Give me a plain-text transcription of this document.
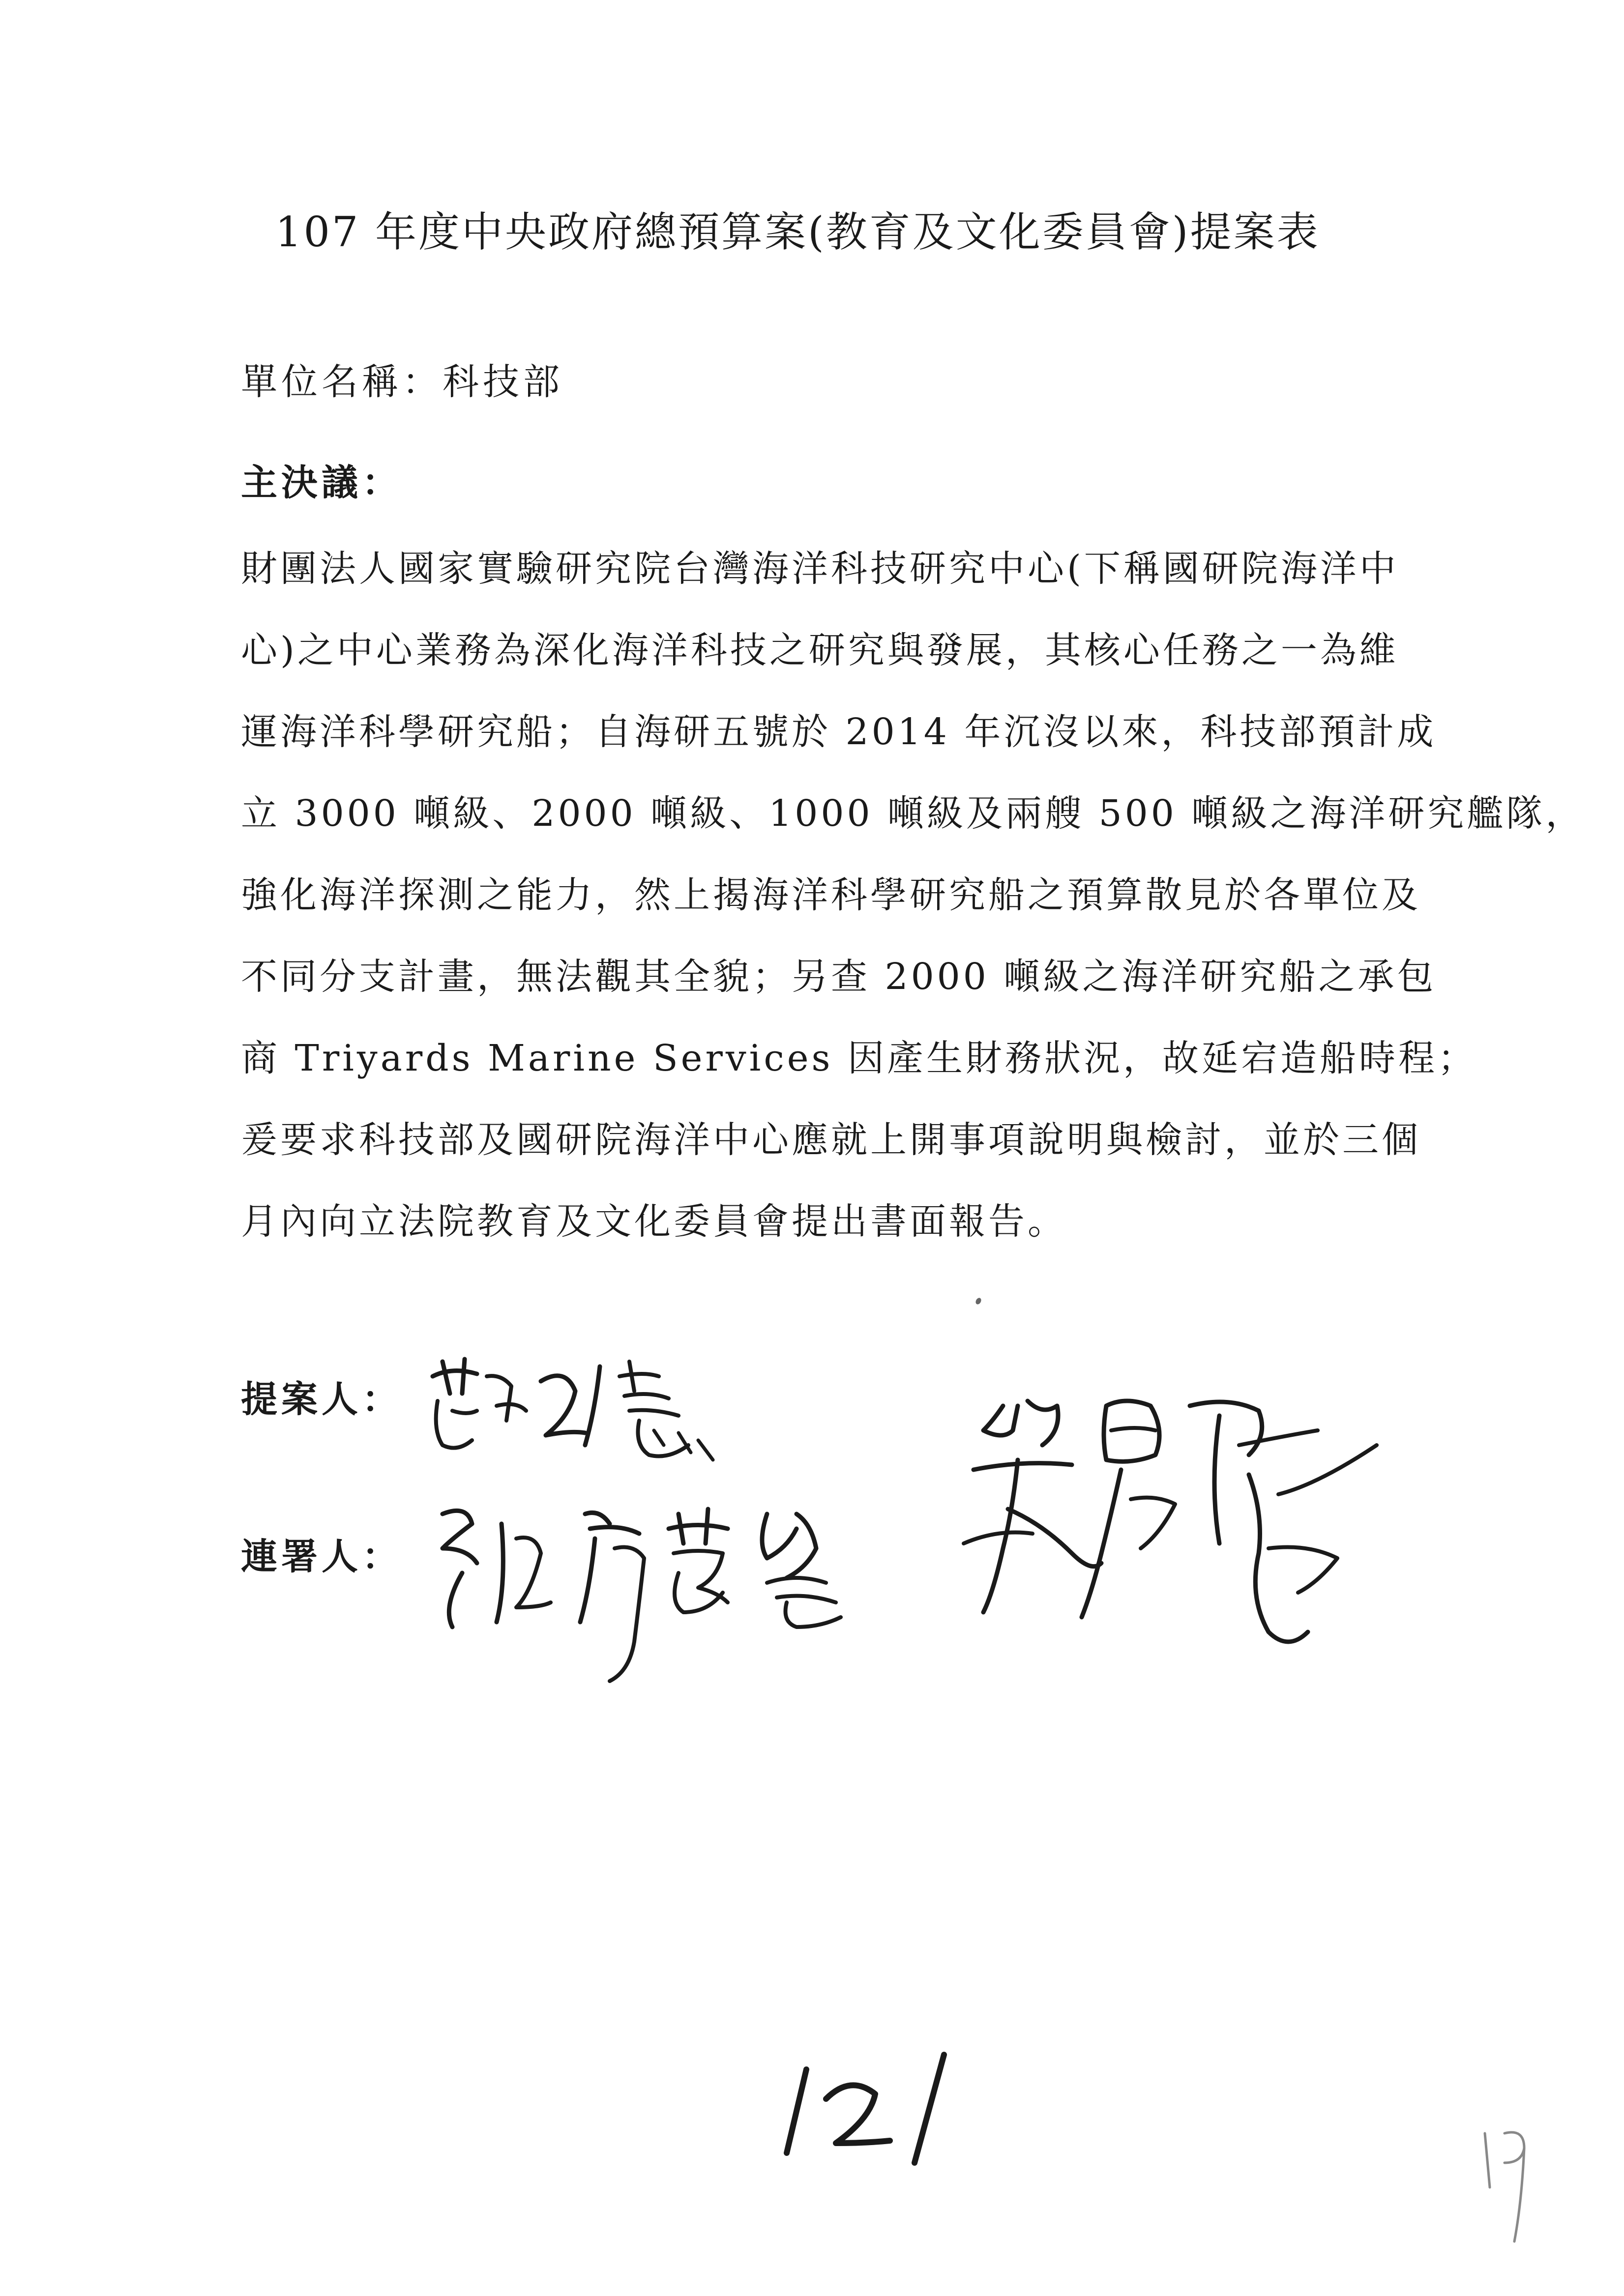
107 年度中央政府總預算案(教育及文化委員會)提案表
單位名稱：科技部
主決議：
財團法人國家實驗研究院台灣海洋科技研究中心(下稱國研院海洋中
心)之中心業務為深化海洋科技之研究與發展，其核心任務之一為維
運海洋科學研究船；自海研五號於 2014 年沉沒以來，科技部預計成
立 3000 噸級、2000 噸級、1000 噸級及兩艘 500 噸級之海洋研究艦隊，
強化海洋探測之能力，然上揭海洋科學研究船之預算散見於各單位及
不同分支計畫，無法觀其全貌；另查 2000 噸級之海洋研究船之承包
商 Triyards Marine Services 因產生財務狀況，故延宕造船時程；
爰要求科技部及國研院海洋中心應就上開事項說明與檢討，並於三個
月內向立法院教育及文化委員會提出書面報告。
提案人：
連署人：
